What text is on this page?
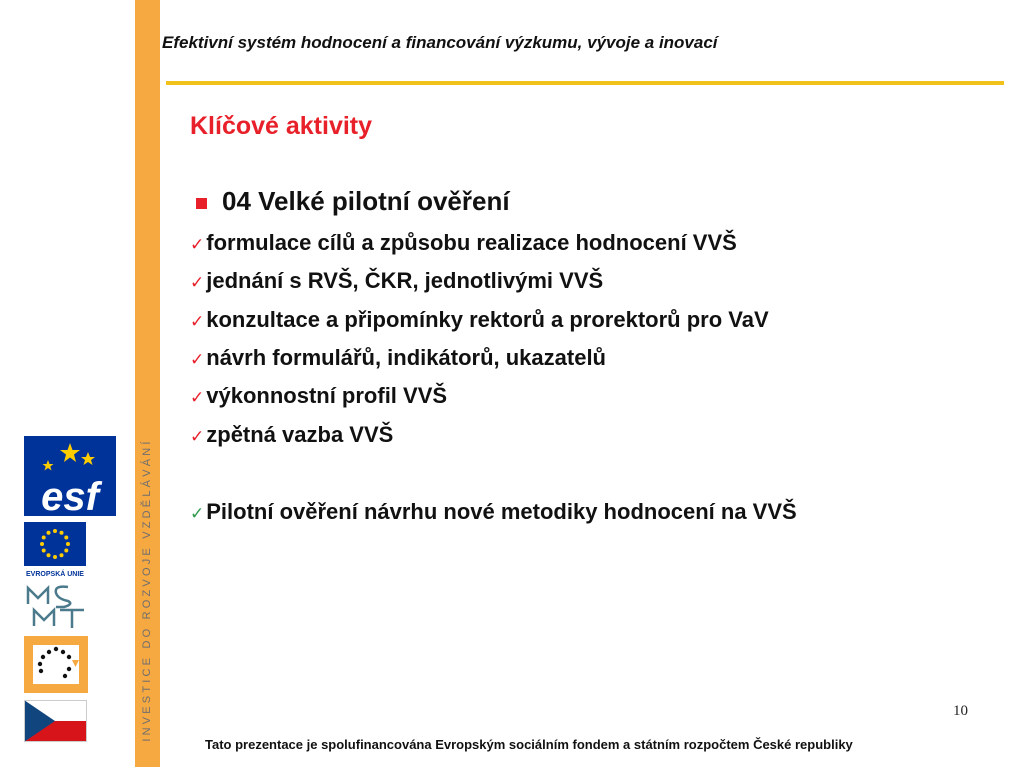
INVESTICE DO ROZVOJE VZDĚLÁVÁNÍ
Efektivní systém hodnocení a financování výzkumu, vývoje a inovací
Klíčové aktivity
04 Velké pilotní ověření
✓formulace cílů a způsobu realizace hodnocení VVŠ
✓jednání s RVŠ, ČKR, jednotlivými VVŠ
✓konzultace a připomínky rektorů a prorektorů pro VaV
✓návrh formulářů, indikátorů, ukazatelů
✓výkonnostní profil VVŠ
✓zpětná vazba VVŠ
✓Pilotní ověření návrhu nové metodiky hodnocení na VVŠ
10
Tato prezentace je spolufinancována Evropským sociálním fondem a státním rozpočtem České republiky
esf
EVROPSKÁ UNIE
